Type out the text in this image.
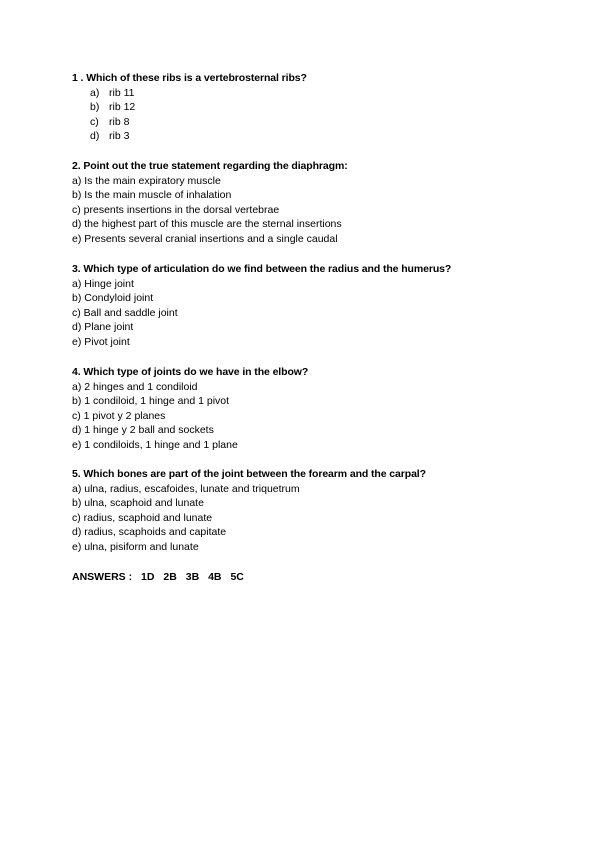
1 . Which of these ribs is a vertebrosternal ribs?
a) rib 11
b) rib 12
c) rib 8
d) rib 3
2. Point out the true statement regarding the diaphragm:
a) Is the main expiratory muscle
b) Is the main muscle of inhalation
c) presents insertions in the dorsal vertebrae
d) the highest part of this muscle are the sternal insertions
e) Presents several cranial insertions and a single caudal
3. Which type of articulation do we find between the radius and the humerus?
a) Hinge joint
b) Condyloid joint
c) Ball and saddle joint
d) Plane joint
e) Pivot joint
4. Which type of joints do we have in the elbow?
a) 2 hinges and 1 condiloid
b) 1 condiloid, 1 hinge and 1 pivot
c) 1 pivot y 2 planes
d) 1 hinge y 2 ball and sockets
e) 1 condiloids, 1 hinge and 1 plane
5. Which bones are part of the joint between the forearm and the carpal?
a) ulna, radius, escafoides, lunate and triquetrum
b) ulna, scaphoid and lunate
c) radius, scaphoid and lunate
d) radius, scaphoids and capitate
e) ulna, pisiform and lunate
ANSWERS : 1D 2B 3B 4B 5C
